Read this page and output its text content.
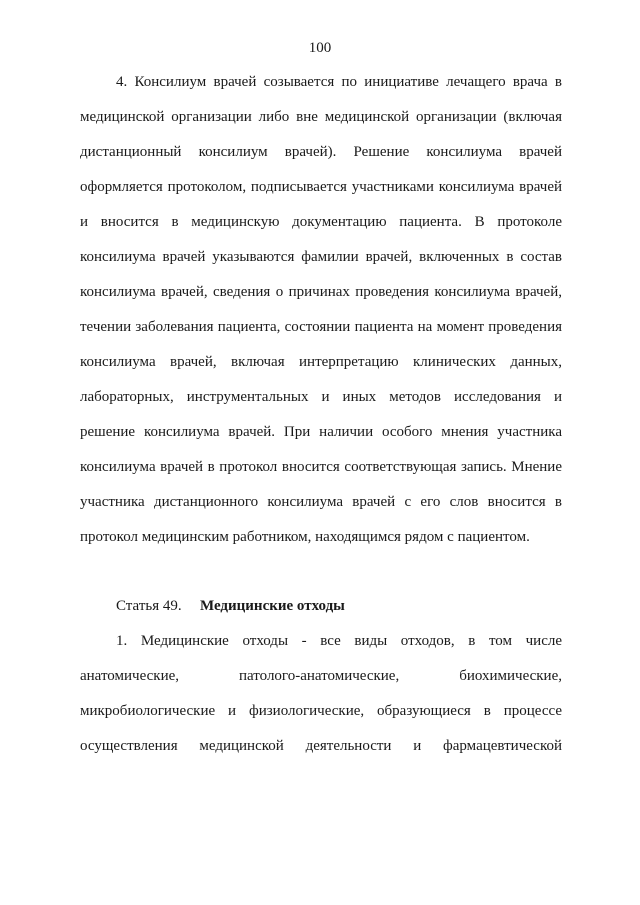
100
4. Консилиум врачей созывается по инициативе лечащего врача в
медицинской организации либо вне медицинской организации (включая
дистанционный консилиум врачей). Решение консилиума врачей
оформляется протоколом, подписывается участниками консилиума врачей
и вносится в медицинскую документацию пациента. В протоколе
консилиума врачей указываются фамилии врачей, включенных в состав
консилиума врачей, сведения о причинах проведения консилиума врачей,
течении заболевания пациента, состоянии пациента на момент проведения
консилиума врачей, включая интерпретацию клинических данных,
лабораторных, инструментальных и иных методов исследования и
решение консилиума врачей. При наличии особого мнения участника
консилиума врачей в протокол вносится соответствующая запись. Мнение
участника дистанционного консилиума врачей с его слов вносится в
протокол медицинским работником, находящимся рядом с пациентом.
Статья 49. Медицинские отходы
1. Медицинские отходы - все виды отходов, в том числе
анатомические, патолого-анатомические, биохимические,
микробиологические и физиологические, образующиеся в процессе
осуществления медицинской деятельности и фармацевтической
